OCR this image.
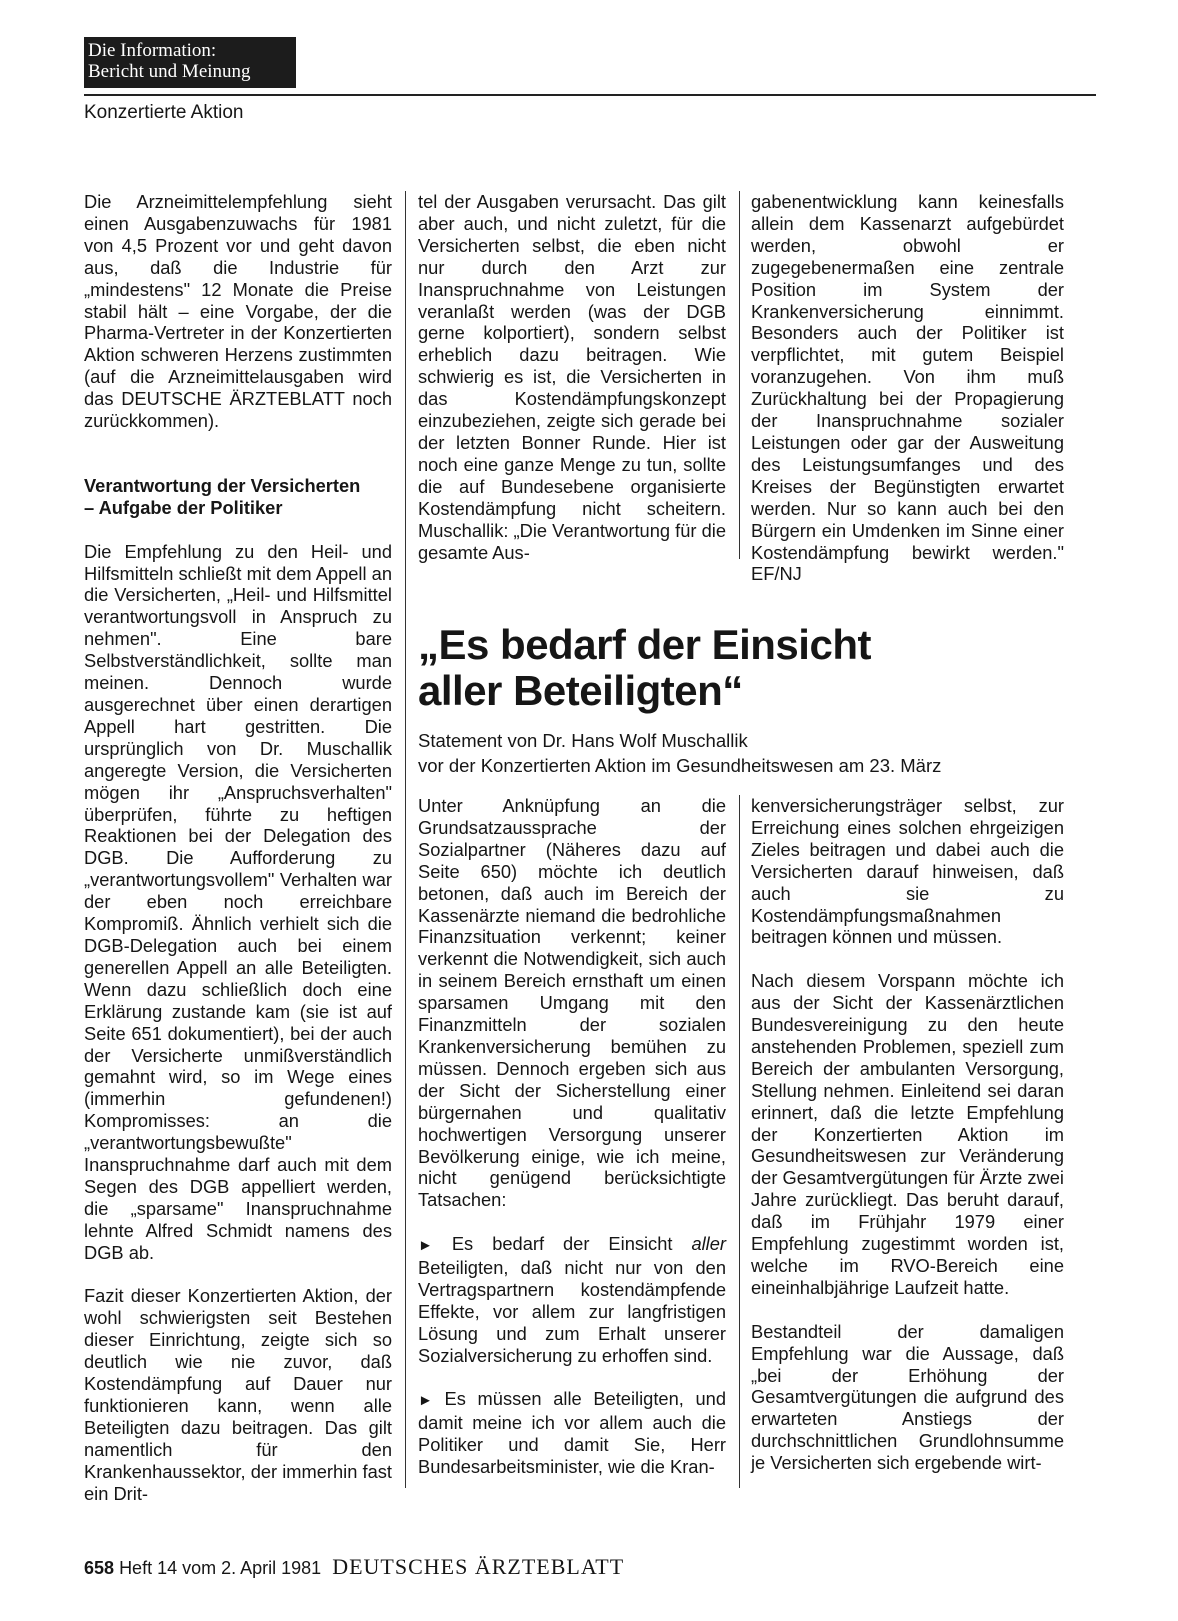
Die Information:
Bericht und Meinung
Konzertierte Aktion

Die Arzneimittelempfehlung sieht einen Ausgabenzuwachs für 1981 von 4,5 Prozent vor und geht davon aus, daß die Industrie für „mindestens" 12 Monate die Preise stabil hält – eine Vorgabe, der die Pharma-Vertreter in der Konzertierten Aktion schweren Herzens zustimmten (auf die Arzneimittelausgaben wird das DEUTSCHE ÄRZTEBLATT noch zurückkommen).

Verantwortung der Versicherten
– Aufgabe der Politiker

Die Empfehlung zu den Heil- und Hilfsmitteln schließt mit dem Appell an die Versicherten, „Heil- und Hilfsmittel verantwortungsvoll in Anspruch zu nehmen". Eine bare Selbstverständlichkeit, sollte man meinen. Dennoch wurde ausgerechnet über einen derartigen Appell hart gestritten. Die ursprünglich von Dr. Muschallik angeregte Version, die Versicherten mögen ihr „Anspruchsverhalten" überprüfen, führte zu heftigen Reaktionen bei der Delegation des DGB. Die Aufforderung zu „verantwortungsvollem" Verhalten war der eben noch erreichbare Kompromiß. Ähnlich verhielt sich die DGB-Delegation auch bei einem generellen Appell an alle Beteiligten. Wenn dazu schließlich doch eine Erklärung zustande kam (sie ist auf Seite 651 dokumentiert), bei der auch der Versicherte unmißverständlich gemahnt wird, so im Wege eines (immerhin gefundenen!) Kompromisses: an die „verantwortungsbewußte" Inanspruchnahme darf auch mit dem Segen des DGB appelliert werden, die „sparsame" Inanspruchnahme lehnte Alfred Schmidt namens des DGB ab.

Fazit dieser Konzertierten Aktion, der wohl schwierigsten seit Bestehen dieser Einrichtung, zeigte sich so deutlich wie nie zuvor, daß Kostendämpfung auf Dauer nur funktionieren kann, wenn alle Beteiligten dazu beitragen. Das gilt namentlich für den Krankenhaussektor, der immerhin fast ein Drit-

tel der Ausgaben verursacht. Das gilt aber auch, und nicht zuletzt, für die Versicherten selbst, die eben nicht nur durch den Arzt zur Inanspruchnahme von Leistungen veranlaßt werden (was der DGB gerne kolportiert), sondern selbst erheblich dazu beitragen. Wie schwierig es ist, die Versicherten in das Kostendämpfungskonzept einzubeziehen, zeigte sich gerade bei der letzten Bonner Runde. Hier ist noch eine ganze Menge zu tun, sollte die auf Bundesebene organisierte Kostendämpfung nicht scheitern. Muschallik: „Die Verantwortung für die gesamte Aus-

gabenentwicklung kann keinesfalls allein dem Kassenarzt aufgebürdet werden, obwohl er zugegebenermaßen eine zentrale Position im System der Krankenversicherung einnimmt. Besonders auch der Politiker ist verpflichtet, mit gutem Beispiel voranzugehen. Von ihm muß Zurückhaltung bei der Propagierung der Inanspruchnahme sozialer Leistungen oder gar der Ausweitung des Leistungsumfanges und des Kreises der Begünstigten erwartet werden. Nur so kann auch bei den Bürgern ein Umdenken im Sinne einer Kostendämpfung bewirkt werden." EF/NJ

„Es bedarf der Einsicht
aller Beteiligten“
Statement von Dr. Hans Wolf Muschallik
vor der Konzertierten Aktion im Gesundheitswesen am 23. März

Unter Anknüpfung an die Grundsatzaussprache der Sozialpartner (Näheres dazu auf Seite 650) möchte ich deutlich betonen, daß auch im Bereich der Kassenärzte niemand die bedrohliche Finanzsituation verkennt; keiner verkennt die Notwendigkeit, sich auch in seinem Bereich ernsthaft um einen sparsamen Umgang mit den Finanzmitteln der sozialen Krankenversicherung bemühen zu müssen. Dennoch ergeben sich aus der Sicht der Sicherstellung einer bürgernahen und qualitativ hochwertigen Versorgung unserer Bevölkerung einige, wie ich meine, nicht genügend berücksichtigte Tatsachen:

► Es bedarf der Einsicht aller Beteiligten, daß nicht nur von den Vertragspartnern kostendämpfende Effekte, vor allem zur langfristigen Lösung und zum Erhalt unserer Sozialversicherung zu erhoffen sind.

► Es müssen alle Beteiligten, und damit meine ich vor allem auch die Politiker und damit Sie, Herr Bundesarbeitsminister, wie die Kran-

kenversicherungsträger selbst, zur Erreichung eines solchen ehrgeizigen Zieles beitragen und dabei auch die Versicherten darauf hinweisen, daß auch sie zu Kostendämpfungsmaßnahmen beitragen können und müssen.

Nach diesem Vorspann möchte ich aus der Sicht der Kassenärztlichen Bundesvereinigung zu den heute anstehenden Problemen, speziell zum Bereich der ambulanten Versorgung, Stellung nehmen. Einleitend sei daran erinnert, daß die letzte Empfehlung der Konzertierten Aktion im Gesundheitswesen zur Veränderung der Gesamtvergütungen für Ärzte zwei Jahre zurückliegt. Das beruht darauf, daß im Frühjahr 1979 einer Empfehlung zugestimmt worden ist, welche im RVO-Bereich eine eineinhalbjährige Laufzeit hatte.

Bestandteil der damaligen Empfehlung war die Aussage, daß „bei der Erhöhung der Gesamtvergütungen die aufgrund des erwarteten Anstiegs der durchschnittlichen Grundlohnsumme je Versicherten sich ergebende wirt-

658 Heft 14 vom 2. April 1981 DEUTSCHES ÄRZTEBLATT
